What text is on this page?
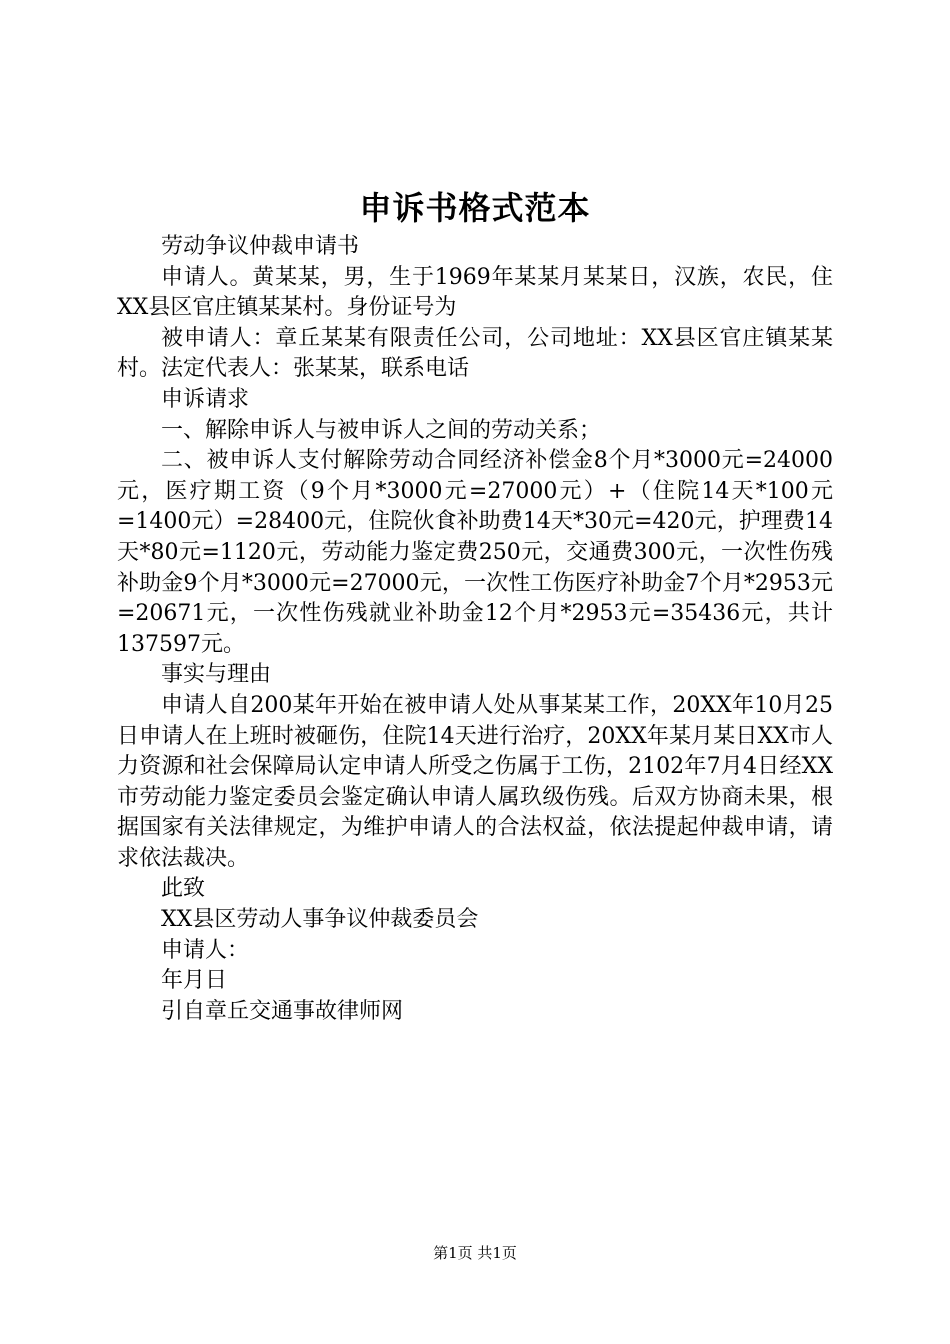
申诉书格式范本

劳动争议仲裁申请书

申请人。黄某某，男，生于1969年某某月某某日，汉族，农民，住XX县区官庄镇某某村。身份证号为

被申请人：章丘某某有限责任公司，公司地址：XX县区官庄镇某某村。法定代表人：张某某，联系电话

申诉请求

一、解除申诉人与被申诉人之间的劳动关系；

二、被申诉人支付解除劳动合同经济补偿金8个月*3000元=24000元，医疗期工资（9个月*3000元=27000元）+（住院14天*100元=1400元）=28400元，住院伙食补助费14天*30元=420元，护理费14天*80元=1120元，劳动能力鉴定费250元，交通费300元，一次性伤残补助金9个月*3000元=27000元，一次性工伤医疗补助金7个月*2953元=20671元，一次性伤残就业补助金12个月*2953元=35436元，共计137597元。

事实与理由

申请人自200某年开始在被申请人处从事某某工作，20XX年10月25日申请人在上班时被砸伤，住院14天进行治疗，20XX年某月某日XX市人力资源和社会保障局认定申请人所受之伤属于工伤，2102年7月4日经XX市劳动能力鉴定委员会鉴定确认申请人属玖级伤残。后双方协商未果，根据国家有关法律规定，为维护申请人的合法权益，依法提起仲裁申请，请求依法裁决。

此致

XX县区劳动人事争议仲裁委员会

申请人：

年月日

引自章丘交通事故律师网

第1页 共1页
